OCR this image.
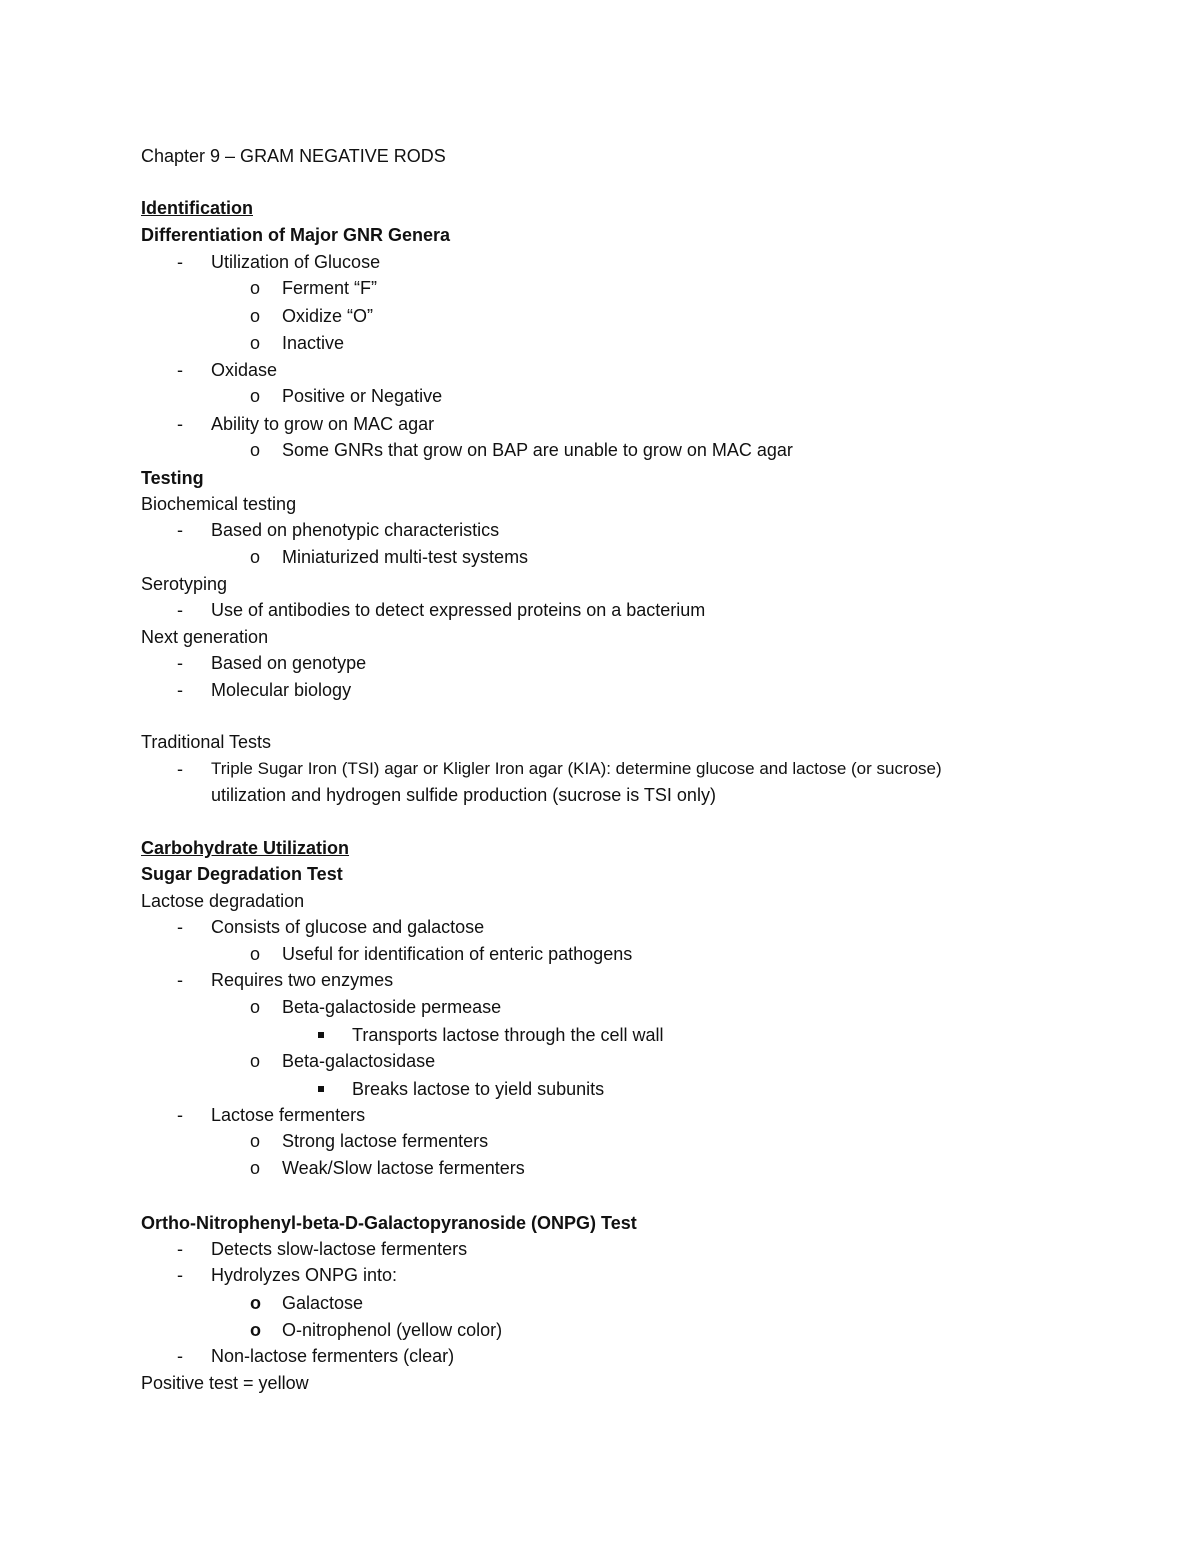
Chapter 9 – GRAM NEGATIVE RODS
Identification
Differentiation of Major GNR Genera
- Utilization of Glucose
o Ferment “F”
o Oxidize “O”
o Inactive
- Oxidase
o Positive or Negative
- Ability to grow on MAC agar
o Some GNRs that grow on BAP are unable to grow on MAC agar
Testing
Biochemical testing
- Based on phenotypic characteristics
o Miniaturized multi-test systems
Serotyping
- Use of antibodies to detect expressed proteins on a bacterium
Next generation
- Based on genotype
- Molecular biology
Traditional Tests
- Triple Sugar Iron (TSI) agar or Kligler Iron agar (KIA): determine glucose and lactose (or sucrose)
utilization and hydrogen sulfide production (sucrose is TSI only)
Carbohydrate Utilization
Sugar Degradation Test
Lactose degradation
- Consists of glucose and galactose
o Useful for identification of enteric pathogens
- Requires two enzymes
o Beta-galactoside permease
Transports lactose through the cell wall
o Beta-galactosidase
Breaks lactose to yield subunits
- Lactose fermenters
o Strong lactose fermenters
o Weak/Slow lactose fermenters
Ortho-Nitrophenyl-beta-D-Galactopyranoside (ONPG) Test
- Detects slow-lactose fermenters
- Hydrolyzes ONPG into:
o Galactose
o O-nitrophenol (yellow color)
- Non-lactose fermenters (clear)
Positive test = yellow
